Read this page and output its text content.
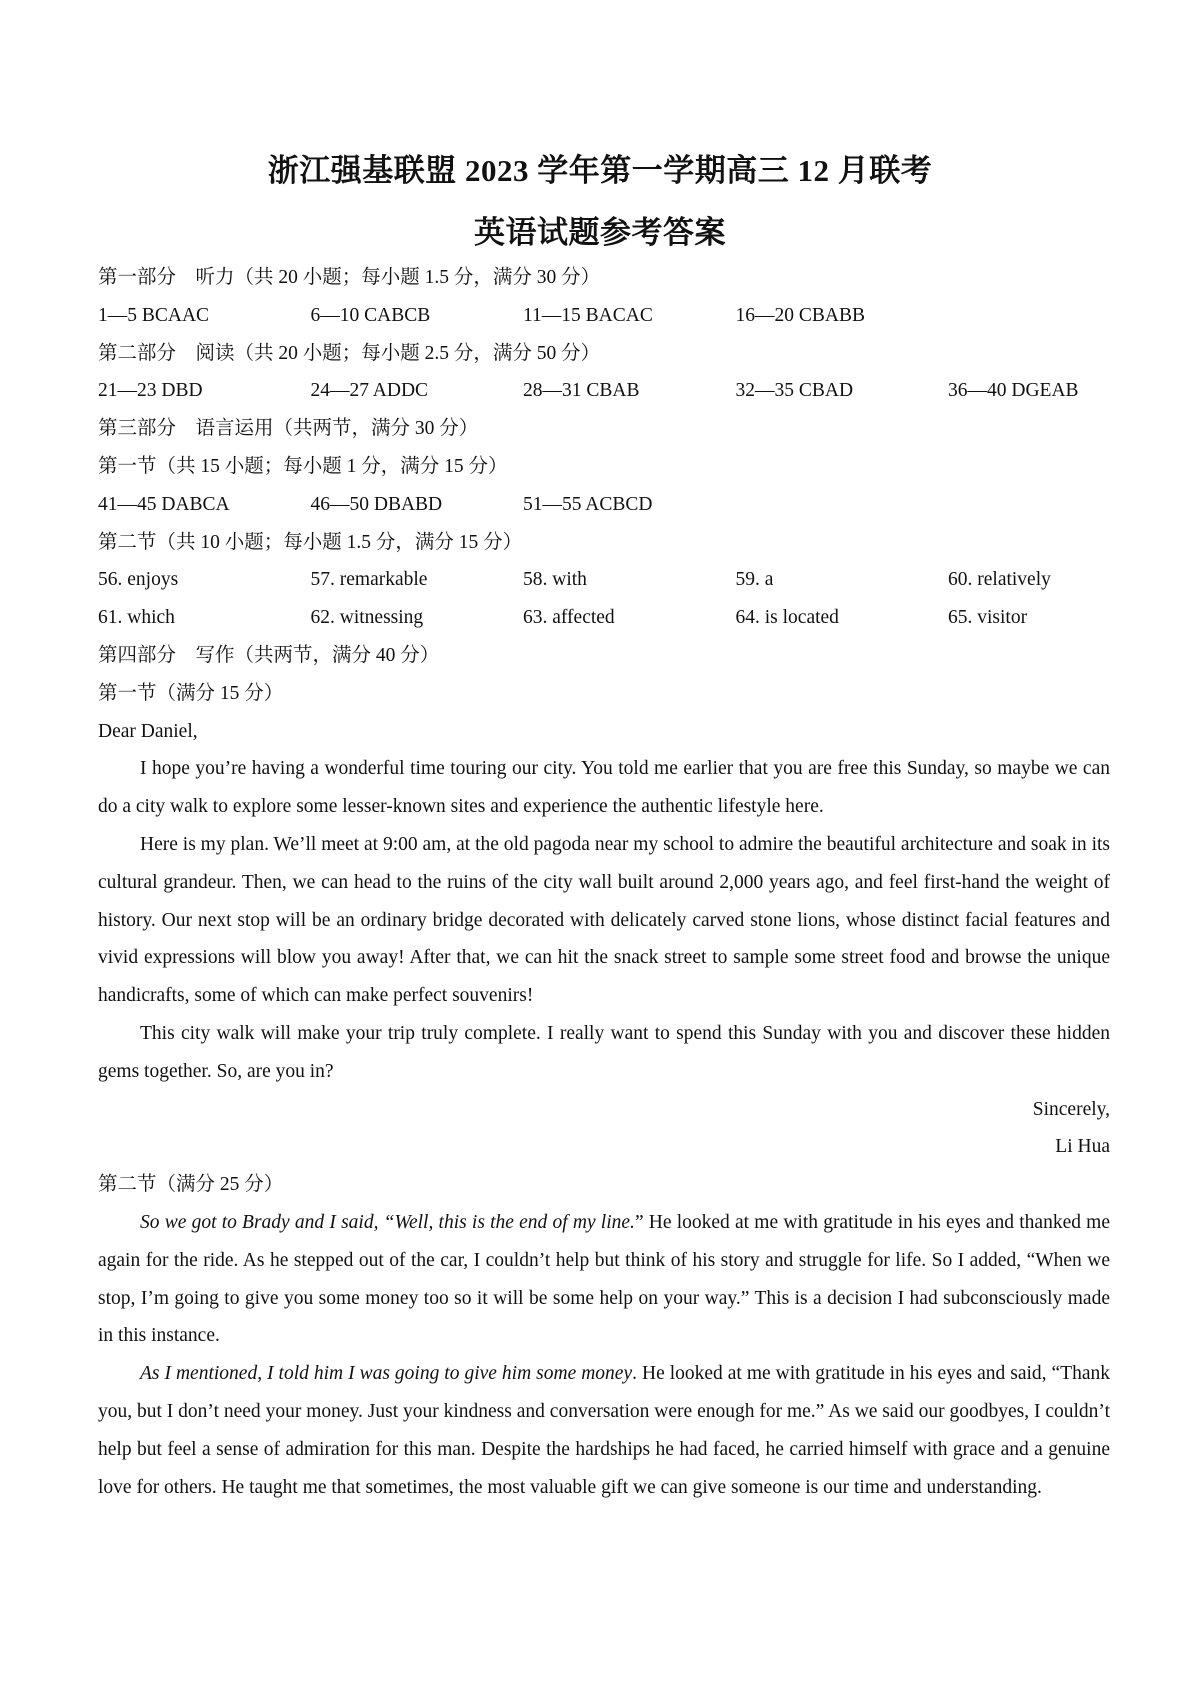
浙江强基联盟 2023 学年第一学期高三 12 月联考
英语试题参考答案
第一部分　听力（共 20 小题；每小题 1.5 分，满分 30 分）
1—5 BCAAC	6—10 CABCB	11—15 BACAC	16—20 CBABB
第二部分　阅读（共 20 小题；每小题 2.5 分，满分 50 分）
21—23 DBD	24—27 ADDC	28—31 CBAB	32—35 CBAD	36—40 DGEAB
第三部分　语言运用（共两节，满分 30 分）
第一节（共 15 小题；每小题 1 分，满分 15 分）
41—45 DABCA	46—50 DBABD	51—55 ACBCD
第二节（共 10 小题；每小题 1.5 分，满分 15 分）
56. enjoys	57. remarkable	58. with	59. a	60. relatively
61. which	62. witnessing	63. affected	64. is located	65. visitor
第四部分　写作（共两节，满分 40 分）
第一节（满分 15 分）
Dear Daniel,
I hope you’re having a wonderful time touring our city. You told me earlier that you are free this Sunday, so maybe we can do a city walk to explore some lesser-known sites and experience the authentic lifestyle here.
Here is my plan. We’ll meet at 9:00 am, at the old pagoda near my school to admire the beautiful architecture and soak in its cultural grandeur. Then, we can head to the ruins of the city wall built around 2,000 years ago, and feel first-hand the weight of history. Our next stop will be an ordinary bridge decorated with delicately carved stone lions, whose distinct facial features and vivid expressions will blow you away! After that, we can hit the snack street to sample some street food and browse the unique handicrafts, some of which can make perfect souvenirs!
This city walk will make your trip truly complete. I really want to spend this Sunday with you and discover these hidden gems together. So, are you in?
Sincerely,
Li Hua
第二节（满分 25 分）
So we got to Brady and I said, “Well, this is the end of my line.” He looked at me with gratitude in his eyes and thanked me again for the ride. As he stepped out of the car, I couldn’t help but think of his story and struggle for life. So I added, “When we stop, I’m going to give you some money too so it will be some help on your way.” This is a decision I had subconsciously made in this instance.
As I mentioned, I told him I was going to give him some money. He looked at me with gratitude in his eyes and said, “Thank you, but I don’t need your money. Just your kindness and conversation were enough for me.” As we said our goodbyes, I couldn’t help but feel a sense of admiration for this man. Despite the hardships he had faced, he carried himself with grace and a genuine love for others. He taught me that sometimes, the most valuable gift we can give someone is our time and understanding.
